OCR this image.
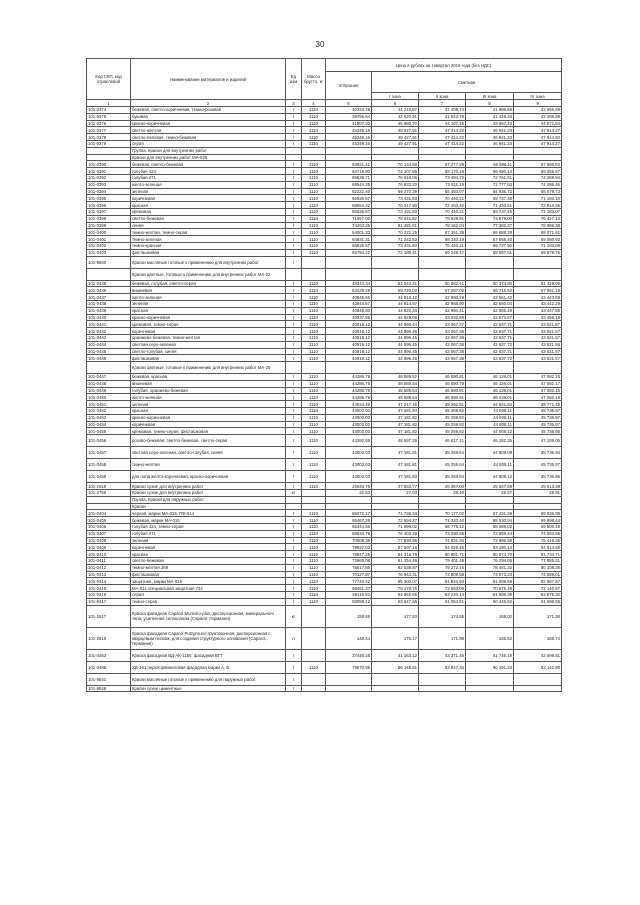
30
Код СКП, код отраслевой	Наименование материалов и изделий	Ед изм	Масса брутто, кг	Цена в рублях на I квартал 2016 года (без НДС)				
				отпускная	Сметная			
					I зона	II зона	III зона	IV зона
1	2	3	4	5	6	7	8	9
101-0374	бежевая, светло-коричневая, темно-розовая	т	1110	40294.28	44 210,87	42 409,74	41 986.66	42 656,99
101-0375	буковая	т	1110	39756.64	43 620.91	41 643.78	41 428.33	42 285,98
101-0376	красно-коричневая	т	1110	41907.33	45 980,70	44 107.48	43 667.43	44 572,84
101-0377	светло-желтая	т	1110	45349.16	49 427.91	47 414.22	46 941.23	47 914.27
101-0378	светло-палевая, темно-бежевая	т	1110	45349.16	49 427.91	47 414.22	46 941.23	47 914.50
101-0379	серая	т	1110	45349.16	49 427.91	47 414.22	46 941.23	47 914.27
	Группа. Краски для внутренних работ							
	Краски для внутренних работ МА-025							
101-0390	бежевая, светло-бежевая	т	1110	63921.41	70 134.58	67 277.39	66 596.11	67 988.83
101-0391	голубая 424	т	1110	63719.90	72 107.85	59 170.19	66 480.14	69 059.67
101-0392	голубая 471	т	1110	69538.71	76 618.06	73 494.72	72 761.51	74 268.84
101-0393	желто-зеленая	т	1110	69544.35	76 633.20	73 511.19	72 777.63	74 286.46
101-0394	зеленая	т	1110	52222.40	69 270.39	55 483.07	54 936.72	56 079.73
101-0395	коричневая	т	1110	66926.57	73 431.83	70 440.21	69 737.48	71 183.10
101-0396	красная	т	1110	68554.32	75 217.80	72 153.42	71 433.51	72 914.36
101-0397	кремовая	т	1110	66926.57	73 431.83	70 440.21	69 737.45	71 183.07
101-0398	светло-бежевая	т	1110	71657.00	78 641.52	75 629.51	74 875.00	76 427.13
101-0399	синяя	т	1110	74263.25	81 481.61	78 162.04	77 382.27	78 986.38
101-0400	темно-желтая, темно-серая	т	1110	64001.33	70 222.25	67 361.39	66 688.28	68 071.61
101-0401	темно-зеленая	т	1110	64931.31	71 242.63	68 340.19	67 658.40	69 060.93
101-0402	темно-красная	т	1110	66926.57	73 431.83	70 440.21	69 737.50	71 183.09
101-0403	фисташковая	т	1110	65794.22	72 189.41	69 248.47	68 557.61	69 978.75
101-9840	Краски масляные готовые к применению для внутренних работ	т						
	Краски цветные, готовые к применению для внутренних работ МА-22							
101-0435	бежевая, голубая, светло-серая	т	1110	48344.34	53 043.41	50 882.41	50 374.80	51 419.05
101-0436	вишневая	т	1110	54429.48	59 720.02	57 287.02	56 715.52	57 891.18
101-0437	желто-зеленая	т	1110	40845.66	44 816.12	42 990.29	42 561.42	43 443.69
101-0438	зеленая	т	1110	40844.57	44 814.67	42 988.90	42 560.04	43 442.29
101-0439	красная	т	1110	40849.80	44 820.40	42 994.41	42 565.49	43 447.85
101-0440	красно-коричневая	т	1110	40937.65	44 929.06	43 032.69	42 573.67	43 456.18
101-0441	кремовая, темно-серая	т	1110	40919.12	44 896.44	43 067.37	42 637.71	43 521.57
101-0442	коричневая	т	1110	40918.12	44 896.48	43 067.38	42 637.71	43 521.57
101-0443	оранжево-бежевая, темно-желтая	т	1110	40918.12	44 896.45	43 067.38	42 637.71	43 521.57
101-0444	светлая серо-зеленая	т	1110	40919.12	44 896.45	43 067.38	42 637.72	43 521.56
101-0445	светло-голубая, синяя	т	1110	40919.12	44 896.45	43 067.38	42 637.71	43 521.57
101-0446	фисташковая	т	1110	40919.12	44 896.45	43 067.38	42 637.72	43 521.57
	Краски цветные, готовые к применению для внутренних работ МА-25							
101-0447	бежевая, красная	т	1110	44286.79	48 589.52	46 590.81	46 126.01	47 082.18
101-0448	вишневая	т	1110	44286.79	48 589.54	46 590.79	46 126.01	47 082.17
101-0449	голубая, оранжево-бежевая	т	1110	44286.79	48 589.54	46 590.81	46 126.01	47 082.15
101-0450	желто-зеленая	т	1110	44286.79	48 589.53	46 590.81	46 126.01	47 082.18
101-0451	зеленая	т	1110	43034.46	47 217.46	45 292.81	44 841.84	45 771.49
101-0452	красная	т	1110	43002.03	47 181.84	45 259.82	44 808.11	45 736.97
101-0453	красно-коричневая	т	1110	43002.03	47 181.82	45 259.82	44 808.11	45 736.97
101-0454	коричневая	т	1110	43002.03	47 181.82	45 259.82	44 808.11	45 736.97
101-0455	кремовая, темно-серая, фисташковая	т	1110	43002.03	47 181.82	45 259.82	44 808.12	45 736.96
101-0456	розово-бежевая, светло-бежевая, светло-серая	т	1110	44292.69	48 597.28	46 617.41	46 152.35	47 109.05
101-0457	светлая серо-зеленая, светло-голубая, синяя	т	1110	43002.03	47 181.81	45 259.64	44 808.09	45 736.94
101-0458	темно-желтая	т	1110	43002.03	47 181.81	45 259.64	44 808.11	45 736.97
101-0459	для пола желто-коричневая, красно-коричневая	т	1110	43002.03	47 181.83	45 259.84	44 808.12	45 736.96
101-1515	Краски сухие для внутренних работ	т	1110	22633.75	27 033.77	26 387.00	25 567.69	25 913.38
101-2759	Краски сухие для внутренних работ	кг		22.63	27.03	26.40	25.37	25.91
	Группа. Краски для наружных работ							
	Краски							
101-0404	черная, марки МА-015, ПФ-014	т	1110	65072.17	71 726.34	70 177.02	67 431.39	69 836.89
101-0405	бежевая, марки МА-015	т	1110	65467.26	72 694.37	71 320.40	68 530.94	69 998.44
101-0406	голубая 424, темно-серая	т	1110	65344.56	71 696.02	68 775.12	68 089.02	69 500.48
101-0407	голубая 471	т	1110	69634.78	76 403.28	73 290.56	72 559.44	74 063.56
101-0408	зеленая	т	1110	70608.38	77 830.88	74 631.34	73 886.58	75 418.35
101-0409	коричневая	т	1110	79837.03	87 597.18	84 028.45	83 190.14	84 914.68
101-0410	красная	т	1110	78847.25	84 316.79	80 881.71	80 074.70	81 734.71
101-0411	светло-бежевая	т	1110	73965.08	81 154.46	79 401.49	76 294.06	77 885.31
101-0412	темно-желтая 269	т	1110	75517.85	82 638.87	79 272.16	78 481.32	80 108.35
101-0413	фисташковая	т	1110	70127.87	76 944.31	73 809.58	73 073.24	74 589.01
101-0414	защитная, марки МА-015	т	1110	77743.42	85 300.07	81 824.93	81 008.59	82 687.87
101-0415	МА-011 специальная защитная 734	т	1110	68451.37	75 178.75	73 553.09	70 675.49	72 140.57
101-0416	серая	т	1110	59116.53	64 862.65	62 220.14	61 599.38	62 876.32
101-0417	темно-серая	т	1110	58059.12	63 647.65	61 054.61	60 445.52	61 698.55
101-2617	Краска фасадная Caparol Muresko-plus, дисперсионная, минерального типа, усиленная силоксаном (Caparol, Германия)	кг		159.69	177.93	174.65	168.02	171.30
101-2618	Краска фасадная Caparol Putzground грунтовочная, дисперсионная с кварцевым песком, для создания структурного основания (Caparol, Германия)	л		148.44	175.17	171.98	165.52	168.74
101-0463	Краска фасадная ВД-АК-1180, фасадная ВГТ	т		37440.16	41 163.12	43 371.46	41 746.19	42 599.81
101-0485	ХВ-161 перхлорвиниловая фасадная марки А, Б	т	1110	79670.98	86 149.81	83 847.34	90 191.23	92 142.80
101-9841	Краски масляные готовые к применению для наружных работ	т						
101-9848	Краски сухие цементные	т						
